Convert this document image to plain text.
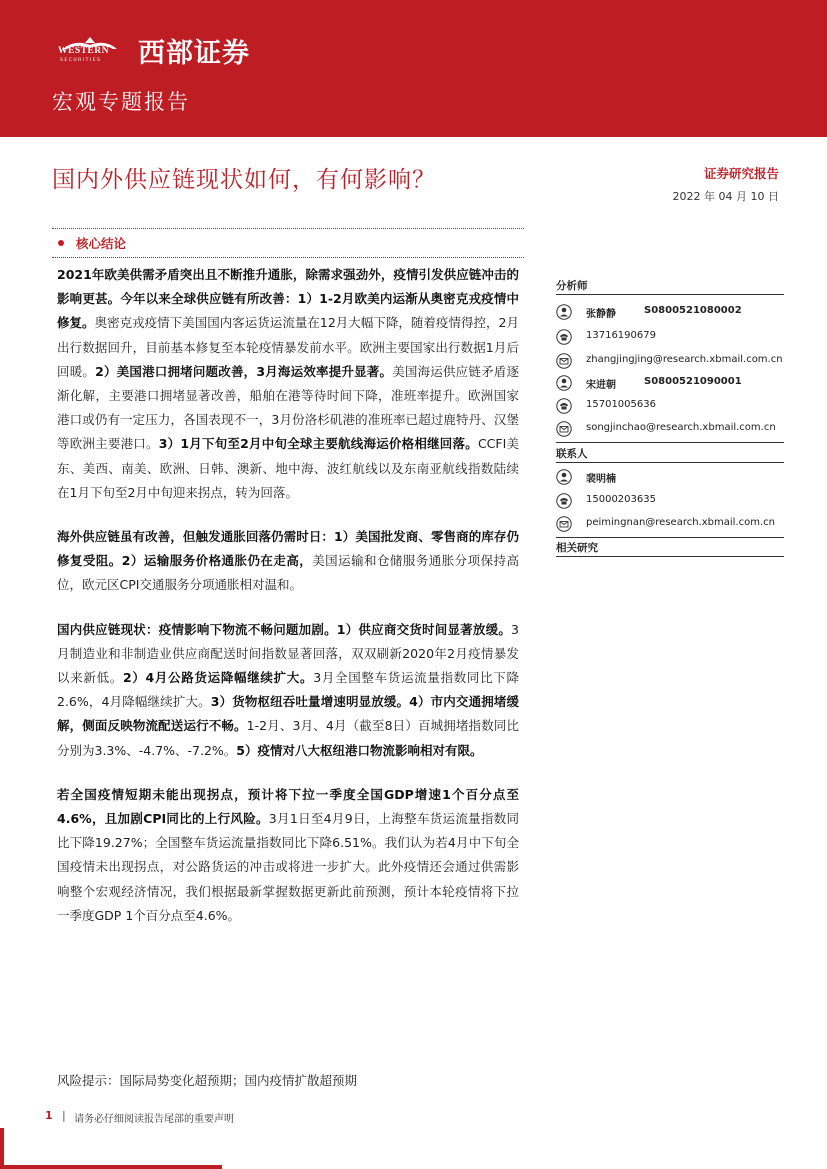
WESTERN
SECURITIES 西部证券
宏观专题报告
国内外供应链现状如何，有何影响？	证券研究报告
2022 年 04 月 10 日
核心结论

2021年欧美供需矛盾突出且不断推升通胀，除需求强劲外，疫情引发供应链冲击的影响更甚。今年以来全球供应链有所改善：1）1-2月欧美内运渐从奥密克戎疫情中修复。奥密克戎疫情下美国国内客运货运流量在12月大幅下降，随着疫情得控，2月出行数据回升，目前基本修复至本轮疫情暴发前水平。欧洲主要国家出行数据1月后回暖。2）美国港口拥堵问题改善，3月海运效率提升显著。美国海运供应链矛盾逐渐化解，主要港口拥堵显著改善，船舶在港等待时间下降，准班率提升。欧洲国家港口或仍有一定压力，各国表现不一，3月份洛杉矶港的准班率已超过鹿特丹、汉堡等欧洲主要港口。3）1月下旬至2月中旬全球主要航线海运价格相继回落。CCFI美东、美西、南美、欧洲、日韩、澳新、地中海、波红航线以及东南亚航线指数陆续在1月下旬至2月中旬迎来拐点，转为回落。

海外供应链虽有改善，但触发通胀回落仍需时日：1）美国批发商、零售商的库存仍修复受阻。2）运输服务价格通胀仍在走高，美国运输和仓储服务通胀分项保持高位，欧元区CPI交通服务分项通胀相对温和。

国内供应链现状：疫情影响下物流不畅问题加剧。1）供应商交货时间显著放缓。3月制造业和非制造业供应商配送时间指数显著回落，双双刷新2020年2月疫情暴发以来新低。2）4月公路货运降幅继续扩大。3月全国整车货运流量指数同比下降2.6%，4月降幅继续扩大。3）货物枢纽吞吐量增速明显放缓。4）市内交通拥堵缓解，侧面反映物流配送运行不畅。1-2月、3月、4月（截至8日）百城拥堵指数同比分别为3.3%、-4.7%、-7.2%。5）疫情对八大枢纽港口物流影响相对有限。

若全国疫情短期未能出现拐点，预计将下拉一季度全国GDP增速1个百分点至4.6%，且加剧CPI同比的上行风险。3月1日至4月9日，上海整车货运流量指数同比下降19.27%；全国整车货运流量指数同比下降6.51%。我们认为若4月中下旬全国疫情未出现拐点，对公路货运的冲击或将进一步扩大。此外疫情还会通过供需影响整个宏观经济情况，我们根据最新掌握数据更新此前预测，预计本轮疫情将下拉一季度GDP 1个百分点至4.6%。

风险提示：国际局势变化超预期；国内疫情扩散超预期
分析师
张静静	S0800521080002
13716190679
zhangjingjing@research.xbmail.com.cn
宋进朝	S0800521090001
15701005636
songjinchao@research.xbmail.com.cn
联系人
裴明楠
15000203635
peimingnan@research.xbmail.com.cn
相关研究
1 | 请务必仔细阅读报告尾部的重要声明
